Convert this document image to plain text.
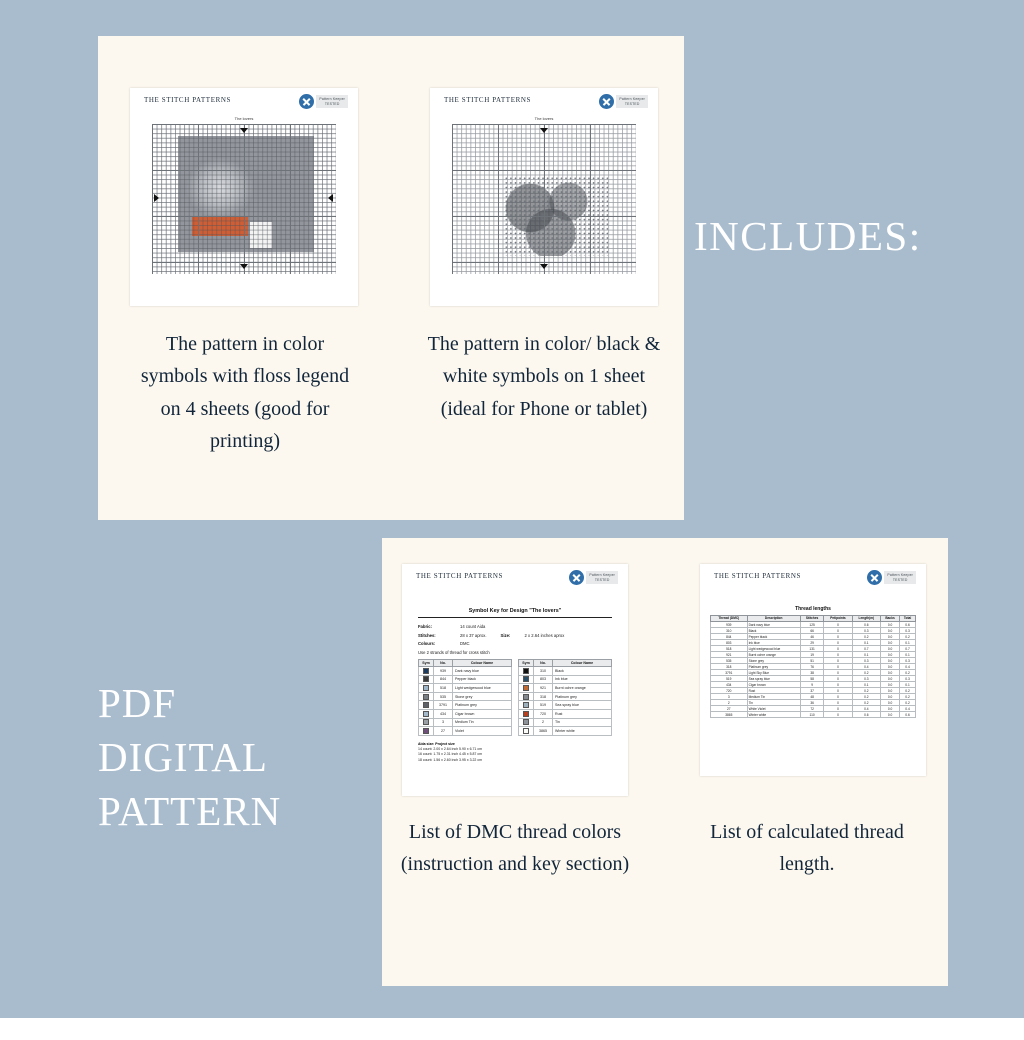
THE STITCH PATTERNS	Pattern Keeper
TESTED
The lovers
THE STITCH PATTERNS	Pattern Keeper
TESTED
The lovers
The pattern in color symbols with floss legend on 4 sheets (good for printing)
The pattern in color/ black & white symbols on 1 sheet (ideal for Phone or tablet)
INCLUDES:
PDF
DIGITAL
PATTERN
THE STITCH PATTERNS	Pattern Keeper
TESTED
Symbol Key for Design "The lovers"
Fabric:	14 count Aida
Stitches:	28 x 37 aprox.	Size:	2 x 2.64 inches aprox
Colours:	DMC
Use 2 strands of thread for cross stitch
Sym	No.	Colour Name
	939	Dark navy blue
	844	Pepper black
	518	Light wedgewood blue
	535	Stone grey
	3791	Platinum grey
	434	Cigar brown
	3	Medium Tin
	27	Violet
Sym	No.	Colour Name
	310	Black
	803	Ink blue
	921	Burnt ochre orange
	318	Platinum grey
	519	Sea spray blue
	720	Rust
	2	Tin
	3865	Winter white
Aida size: Project size
14 count: 2.00 x 2.64 inch 5.90 x 6.71 cm
16 count: 1.75 x 2.31 inch 4.45 x 5.87 cm
18 count: 1.56 x 2.60 inch 3.95 x 3.22 cm
THE STITCH PATTERNS	Pattern Keeper
TESTED
Thread lengths
Thread (DMC)	Description	Stitches	Petipoints	Length(m)	Backs	Total
939	Dark navy blue	125	0	0.6	0.0	0.6
310	Black	66	0	0.3	0.0	0.3
844	Pepper black	46	0	0.2	0.0	0.2
803	Ink blue	29	0	0.1	0.0	0.1
518	Light wedgewood blue	131	0	0.7	0.0	0.7
921	Burnt ochre orange	19	0	0.1	0.0	0.1
535	Stone grey	51	0	0.3	0.0	0.3
318	Platinum grey	76	0	0.4	0.0	0.4
3791	Light Sky Blue	38	0	0.2	0.0	0.2
519	Sea spray blue	58	0	0.3	0.0	0.3
434	Cigar brown	9	0	0.1	0.0	0.1
720	Rust	37	0	0.2	0.0	0.2
3	Medium Tin	48	0	0.2	0.0	0.2
2	Tin	36	0	0.2	0.0	0.2
27	White Violet	72	0	0.4	0.0	0.4
3865	Winter white	110	0	0.6	0.0	0.6
List of DMC thread colors (instruction and key section)
List of calculated thread length.
